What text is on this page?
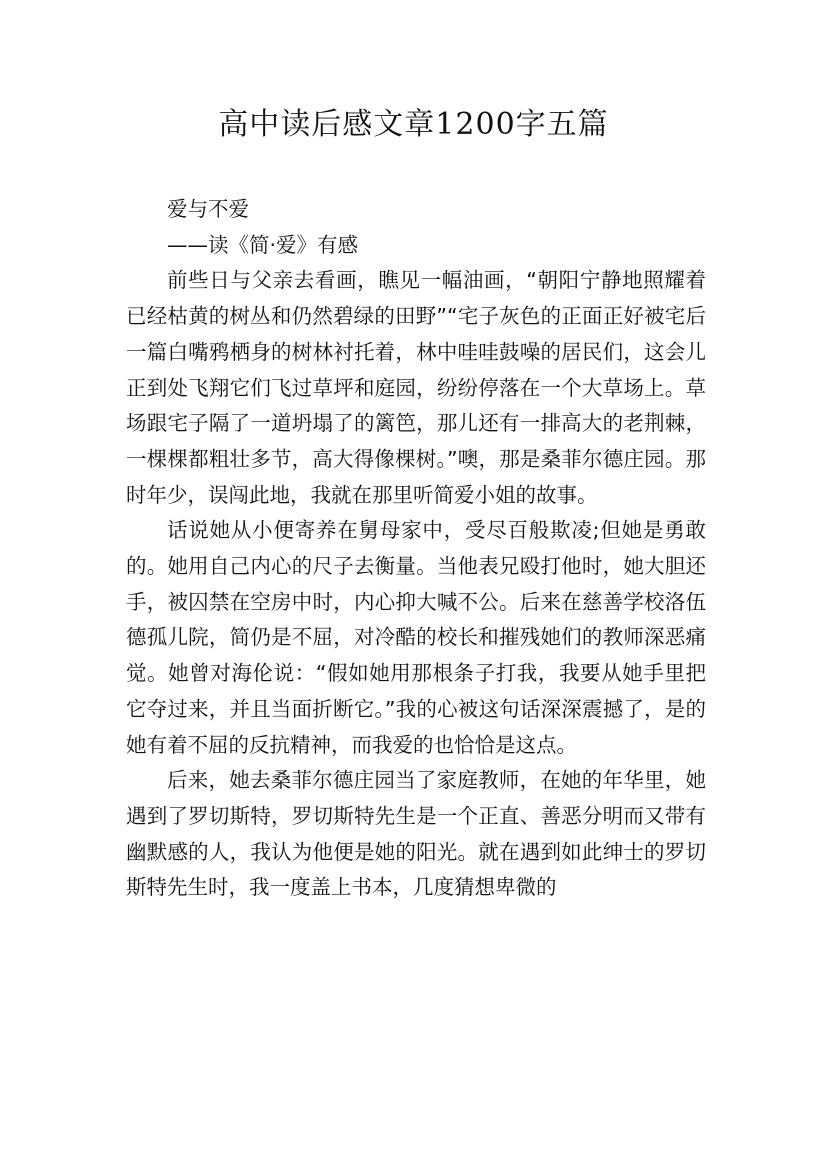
高中读后感文章1200字五篇

爱与不爱

——读《简·爱》有感

前些日与父亲去看画，瞧见一幅油画，“朝阳宁静地照耀着已经枯黄的树丛和仍然碧绿的田野”“宅子灰色的正面正好被宅后一篇白嘴鸦栖身的树林衬托着，林中哇哇鼓噪的居民们，这会儿正到处飞翔它们飞过草坪和庭园，纷纷停落在一个大草场上。草场跟宅子隔了一道坍塌了的篱笆，那儿还有一排高大的老荆棘，一棵棵都粗壮多节，高大得像棵树。”噢，那是桑菲尔德庄园。那时年少，误闯此地，我就在那里听简爱小姐的故事。

话说她从小便寄养在舅母家中，受尽百般欺凌;但她是勇敢的。她用自己内心的尺子去衡量。当他表兄殴打他时，她大胆还手，被囚禁在空房中时，内心抑大喊不公。后来在慈善学校洛伍德孤儿院，简仍是不屈，对冷酷的校长和摧残她们的教师深恶痛觉。她曾对海伦说：“假如她用那根条子打我，我要从她手里把它夺过来，并且当面折断它。”我的心被这句话深深震撼了，是的她有着不屈的反抗精神，而我爱的也恰恰是这点。

后来，她去桑菲尔德庄园当了家庭教师，在她的年华里，她遇到了罗切斯特，罗切斯特先生是一个正直、善恶分明而又带有幽默感的人，我认为他便是她的阳光。就在遇到如此绅士的罗切斯特先生时，我一度盖上书本，几度猜想卑微的
